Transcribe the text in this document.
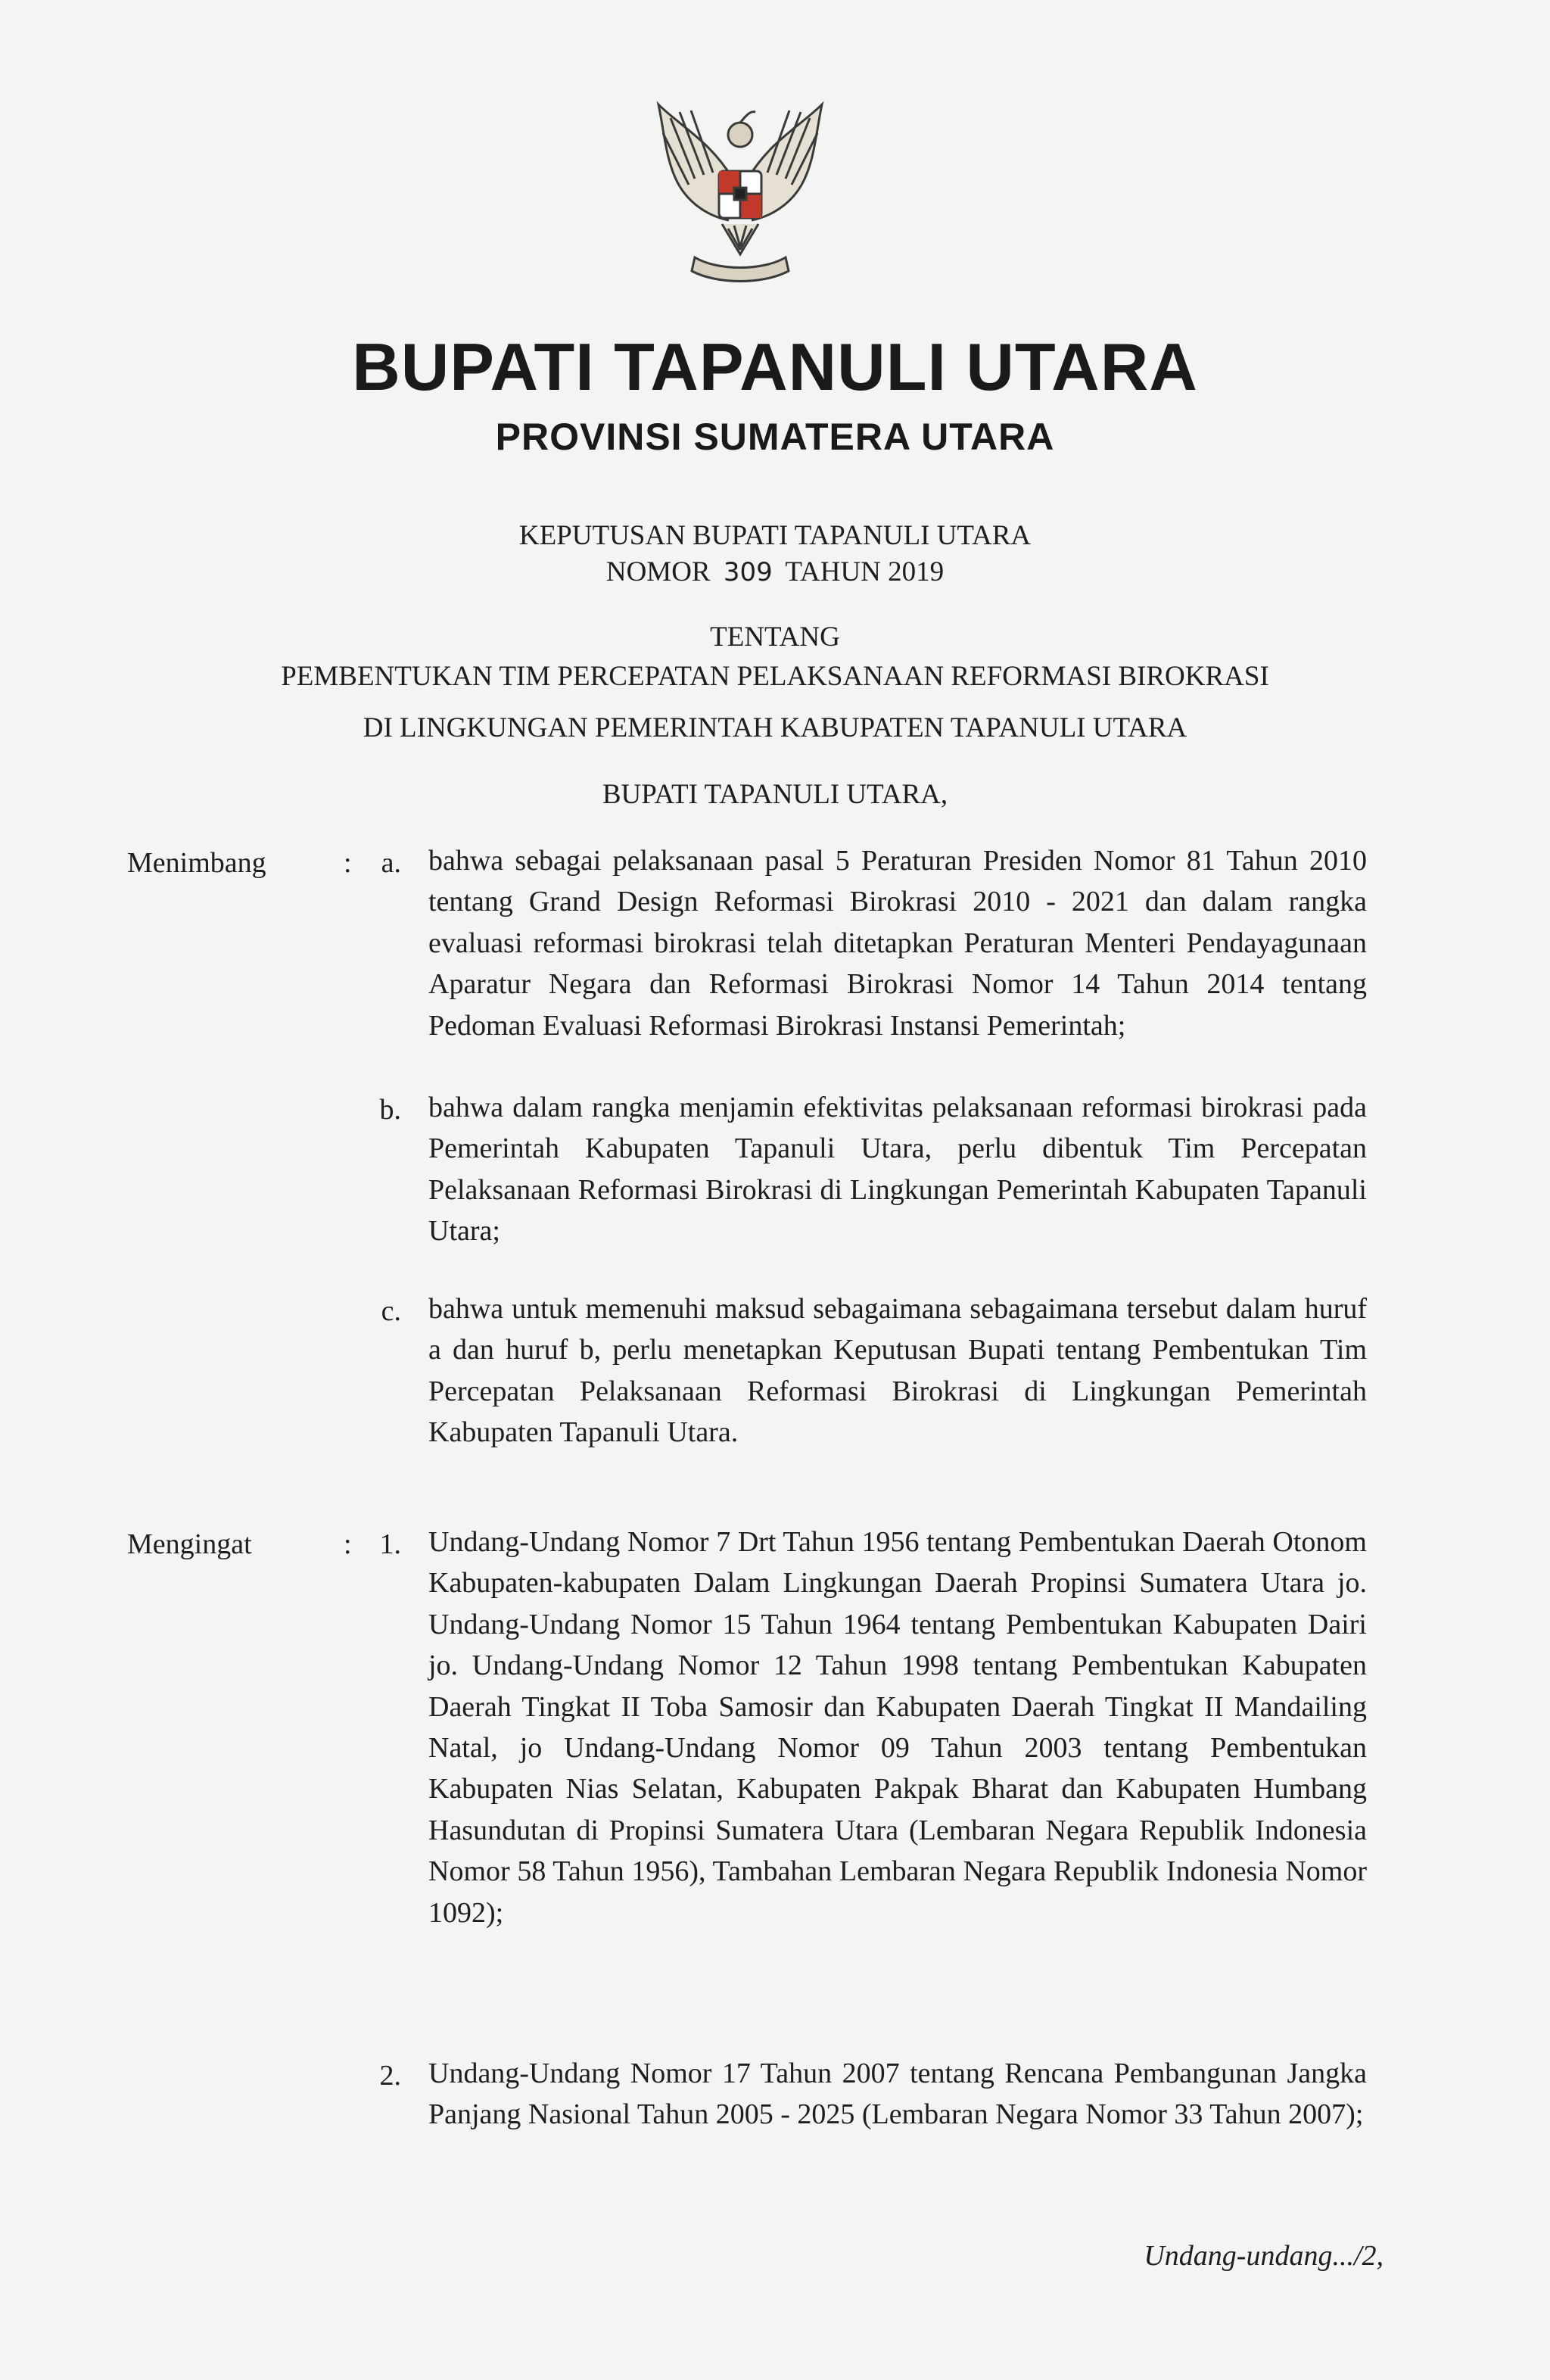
BUPATI TAPANULI UTARA
PROVINSI SUMATERA UTARA
KEPUTUSAN BUPATI TAPANULI UTARA
NOMOR 309 TAHUN 2019
TENTANG
PEMBENTUKAN TIM PERCEPATAN PELAKSANAAN REFORMASI BIROKRASI
DI LINGKUNGAN PEMERINTAH KABUPATEN TAPANULI UTARA
BUPATI TAPANULI UTARA,
Menimbang	:	a. bahwa sebagai pelaksanaan pasal 5 Peraturan Presiden Nomor 81 Tahun 2010 tentang Grand Design Reformasi Birokrasi 2010 - 2021 dan dalam rangka evaluasi reformasi birokrasi telah ditetapkan Peraturan Menteri Pendayagunaan Aparatur Negara dan Reformasi Birokrasi Nomor 14 Tahun 2014 tentang Pedoman Evaluasi Reformasi Birokrasi Instansi Pemerintah;
b. bahwa dalam rangka menjamin efektivitas pelaksanaan reformasi birokrasi pada Pemerintah Kabupaten Tapanuli Utara, perlu dibentuk Tim Percepatan Pelaksanaan Reformasi Birokrasi di Lingkungan Pemerintah Kabupaten Tapanuli Utara;
c. bahwa untuk memenuhi maksud sebagaimana sebagaimana tersebut dalam huruf a dan huruf b, perlu menetapkan Keputusan Bupati tentang Pembentukan Tim Percepatan Pelaksanaan Reformasi Birokrasi di Lingkungan Pemerintah Kabupaten Tapanuli Utara.
Mengingat	: 1. Undang-Undang Nomor 7 Drt Tahun 1956 tentang Pembentukan Daerah Otonom Kabupaten-kabupaten Dalam Lingkungan Daerah Propinsi Sumatera Utara jo. Undang-Undang Nomor 15 Tahun 1964 tentang Pembentukan Kabupaten Dairi jo. Undang-Undang Nomor 12 Tahun 1998 tentang Pembentukan Kabupaten Daerah Tingkat II Toba Samosir dan Kabupaten Daerah Tingkat II Mandailing Natal, jo Undang-Undang Nomor 09 Tahun 2003 tentang Pembentukan Kabupaten Nias Selatan, Kabupaten Pakpak Bharat dan Kabupaten Humbang Hasundutan di Propinsi Sumatera Utara (Lembaran Negara Republik Indonesia Nomor 58 Tahun 1956), Tambahan Lembaran Negara Republik Indonesia Nomor 1092);
2. Undang-Undang Nomor 17 Tahun 2007 tentang Rencana Pembangunan Jangka Panjang Nasional Tahun 2005 - 2025 (Lembaran Negara Nomor 33 Tahun 2007);
Undang-undang.../2,
